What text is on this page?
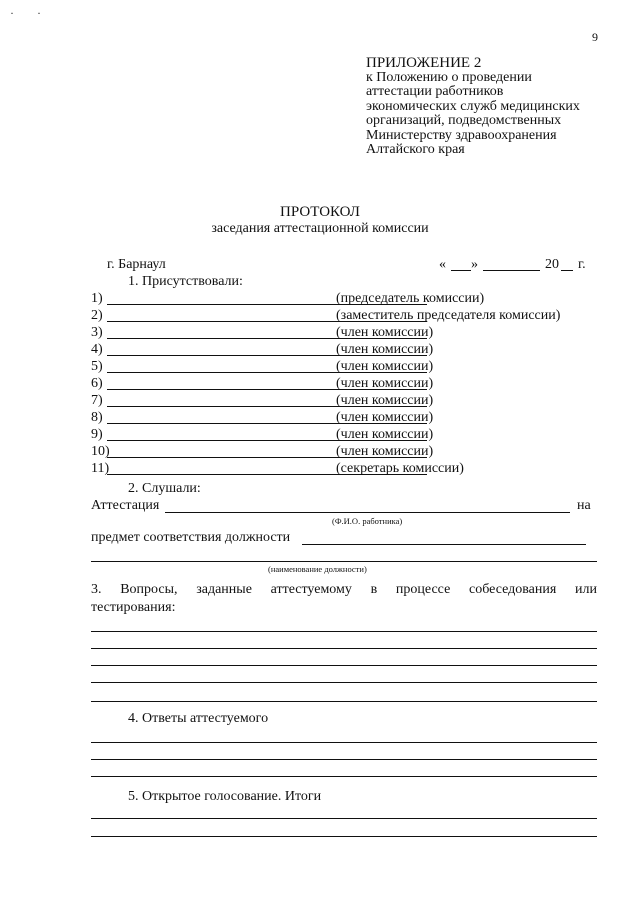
· ·
9
ПРИЛОЖЕНИЕ 2
к Положению о проведении
аттестации работников
экономических служб медицинских
организаций, подведомственных
Министерству здравоохранения
Алтайского края
ПРОТОКОЛ
заседания аттестационной комиссии
г. Барнаул	« »	20 г.
1. Присутствовали:
1)	(председатель комиссии)
2)	(заместитель председателя комиссии)
3)	(член комиссии)
4)	(член комиссии)
5)	(член комиссии)
6)	(член комиссии)
7)	(член комиссии)
8)	(член комиссии)
9)	(член комиссии)
10)	(член комиссии)
11)	(секретарь комиссии)
2. Слушали:
Аттестация	на
(Ф.И.О. работника)
предмет соответствия должности
(наименование должности)
3. Вопросы, заданные аттестуемому в процессе собеседования или
тестирования:
4. Ответы аттестуемого
5. Открытое голосование. Итоги
